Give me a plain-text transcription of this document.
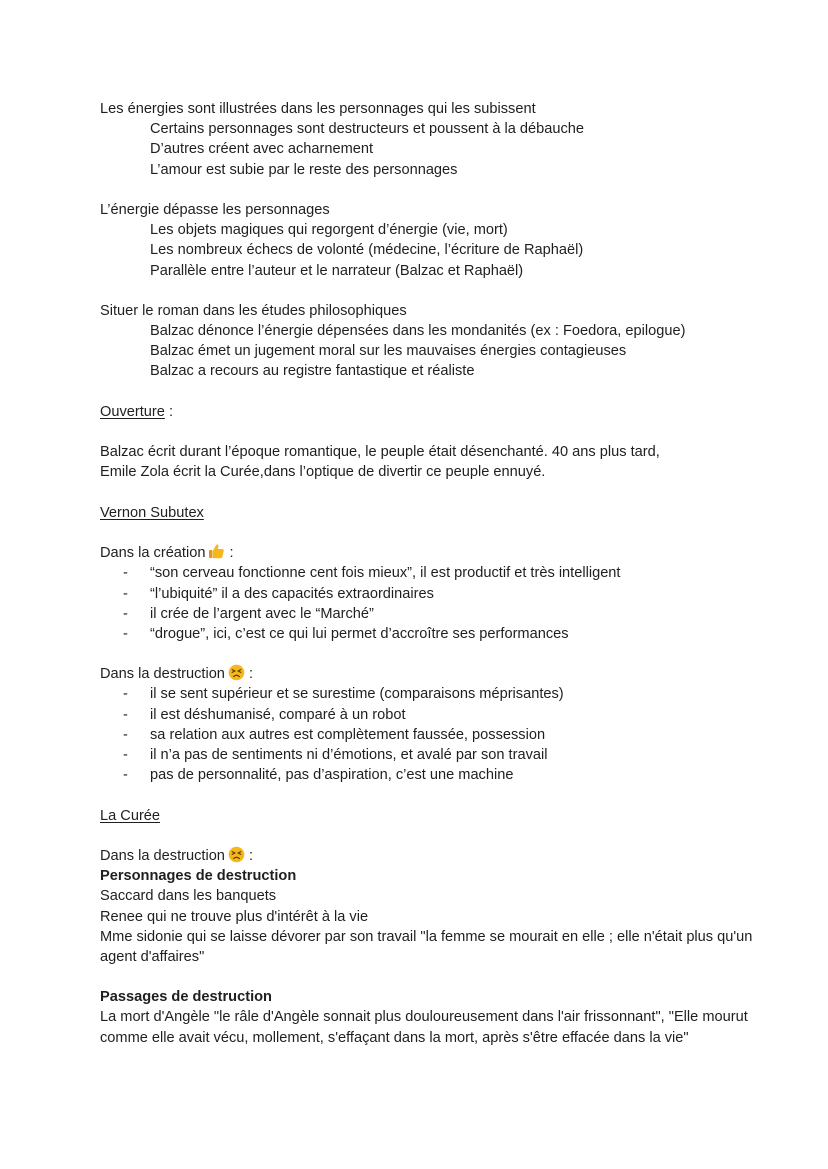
Les énergies sont illustrées dans les personnages qui les subissent
Certains personnages sont destructeurs et poussent à la débauche
D’autres créent avec acharnement
L’amour est subie par le reste des personnages
L’énergie dépasse les personnages
Les objets magiques qui regorgent d’énergie (vie, mort)
Les nombreux échecs de volonté (médecine, l’écriture de Raphaël)
Parallèle entre l’auteur et le narrateur (Balzac et Raphaël)
Situer le roman dans les études philosophiques
Balzac dénonce l’énergie dépensées dans les mondanités (ex : Foedora, epilogue)
Balzac émet un jugement moral sur les mauvaises énergies contagieuses
Balzac a recours au registre fantastique et réaliste
Ouverture :
Balzac écrit durant l’époque romantique, le peuple était désenchanté. 40 ans plus tard,
Emile Zola écrit la Curée,dans l’optique de divertir ce peuple ennuyé.
Vernon Subutex
Dans la création :
- “son cerveau fonctionne cent fois mieux”, il est productif et très intelligent
- “l’ubiquité” il a des capacités extraordinaires
- il crée de l’argent avec le “Marché”
- “drogue”, ici, c’est ce qui lui permet d’accroître ses performances
Dans la destruction :
- il se sent supérieur et se surestime (comparaisons méprisantes)
- il est déshumanisé, comparé à un robot
- sa relation aux autres est complètement faussée, possession
- il n’a pas de sentiments ni d’émotions, et avalé par son travail
- pas de personnalité, pas d’aspiration, c’est une machine
La Curée
Dans la destruction :
Personnages de destruction
Saccard dans les banquets
Renee qui ne trouve plus d'intérêt à la vie
Mme sidonie qui se laisse dévorer par son travail "la femme se mourait en elle ; elle n'était plus qu'un agent d'affaires"
Passages de destruction
La mort d'Angèle "le râle d'Angèle sonnait plus douloureusement dans l'air frissonnant", "Elle mourut comme elle avait vécu, mollement, s'effaçant dans la mort, après s'être effacée dans la vie"
